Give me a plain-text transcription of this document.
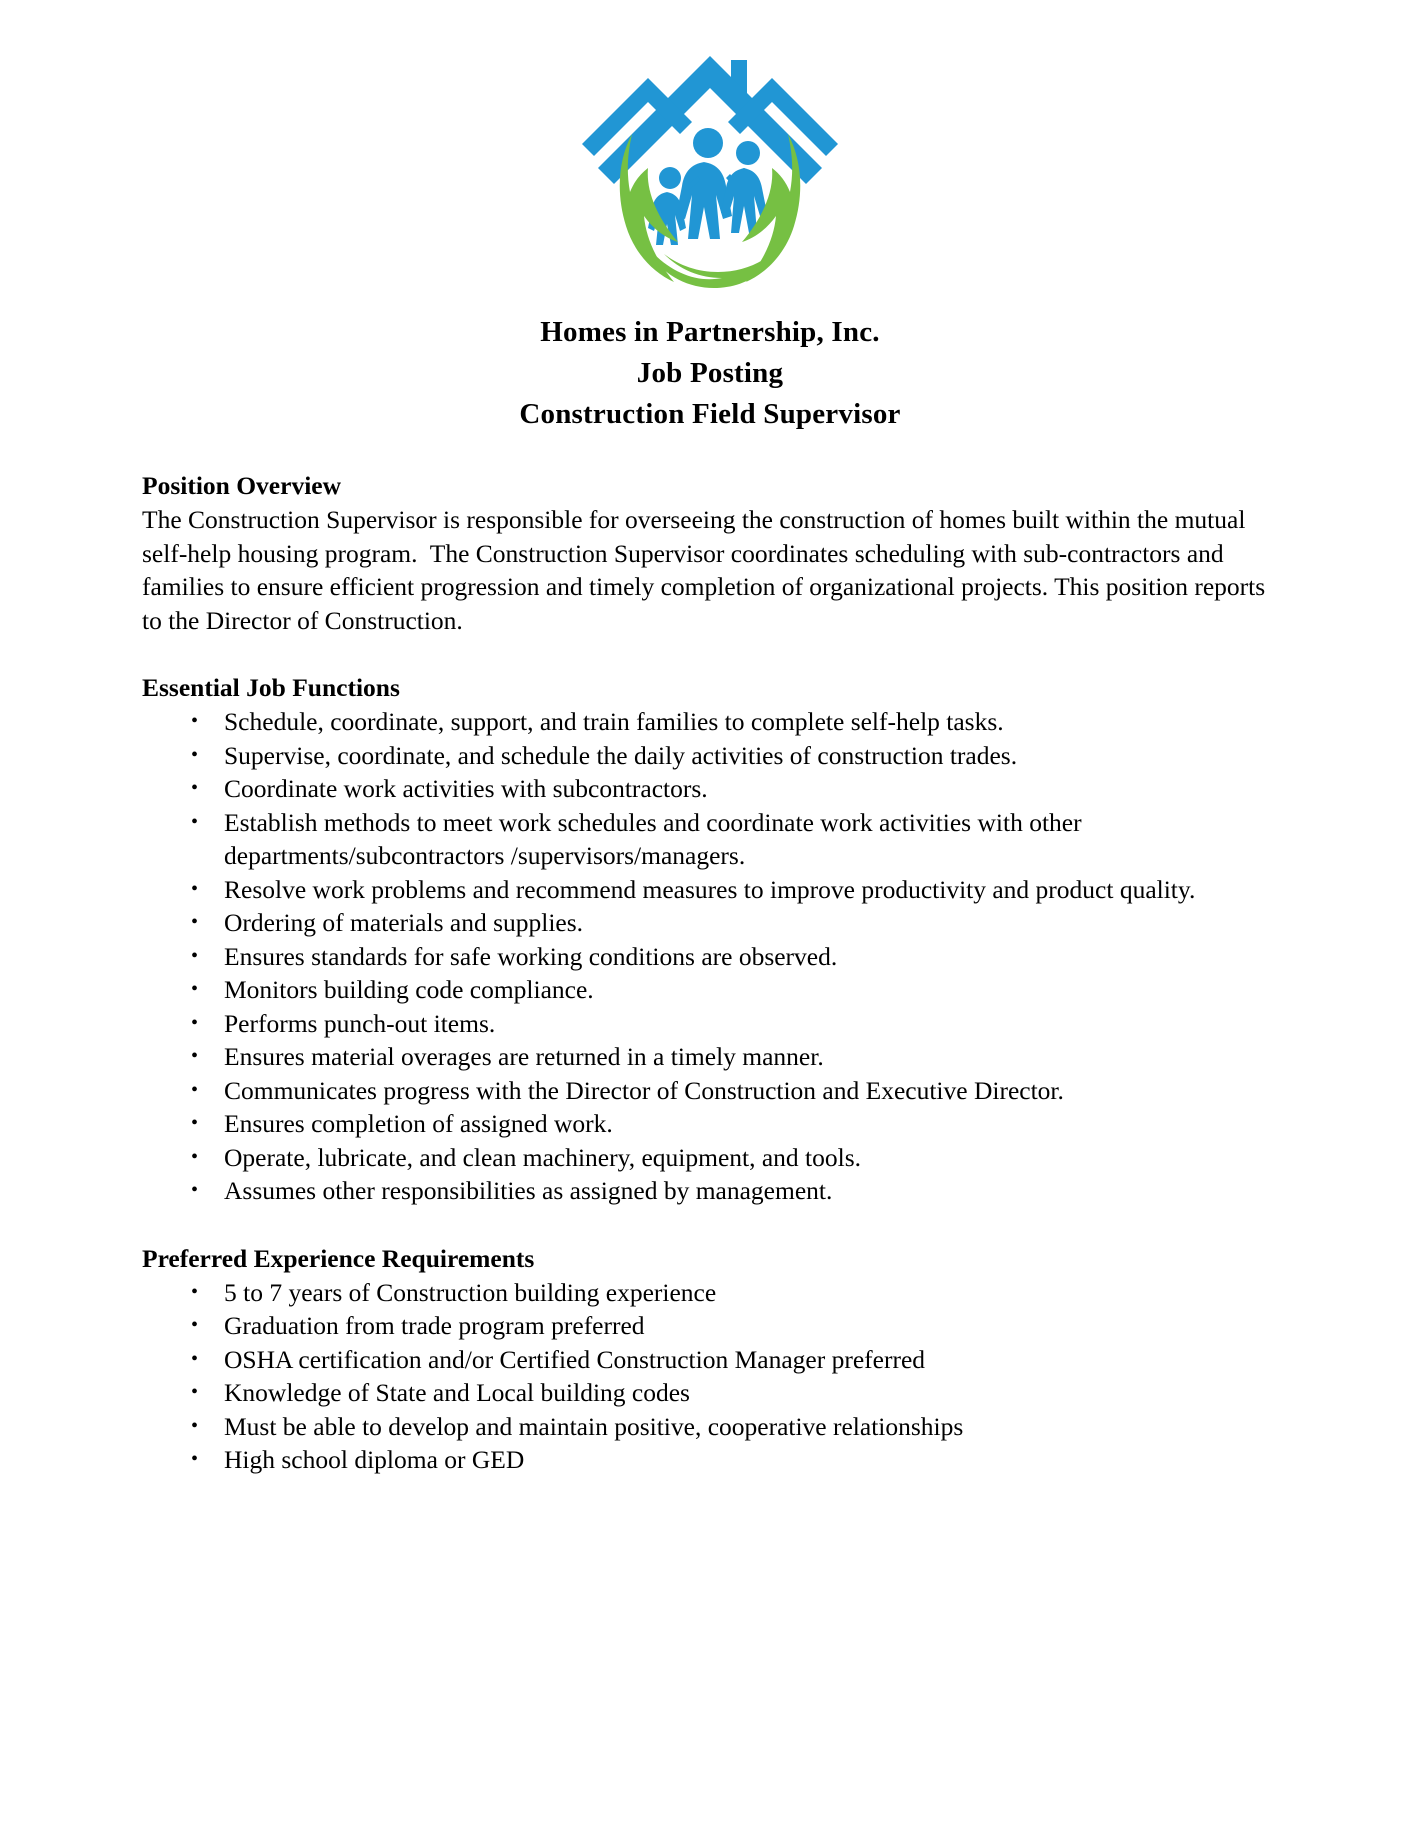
Homes in Partnership, Inc.
Job Posting
Construction Field Supervisor
Position Overview
The Construction Supervisor is responsible for overseeing the construction of homes built within the mutual self-help housing program.  The Construction Supervisor coordinates scheduling with sub-contractors and families to ensure efficient progression and timely completion of organizational projects. This position reports to the Director of Construction.
Essential Job Functions
• Schedule, coordinate, support, and train families to complete self-help tasks.
• Supervise, coordinate, and schedule the daily activities of construction trades.
• Coordinate work activities with subcontractors.
• Establish methods to meet work schedules and coordinate work activities with other departments/subcontractors /supervisors/managers.
• Resolve work problems and recommend measures to improve productivity and product quality.
• Ordering of materials and supplies.
• Ensures standards for safe working conditions are observed.
• Monitors building code compliance.
• Performs punch-out items.
• Ensures material overages are returned in a timely manner.
• Communicates progress with the Director of Construction and Executive Director.
• Ensures completion of assigned work.
• Operate, lubricate, and clean machinery, equipment, and tools.
• Assumes other responsibilities as assigned by management.
Preferred Experience Requirements
• 5 to 7 years of Construction building experience
• Graduation from trade program preferred
• OSHA certification and/or Certified Construction Manager preferred
• Knowledge of State and Local building codes
• Must be able to develop and maintain positive, cooperative relationships
• High school diploma or GED
